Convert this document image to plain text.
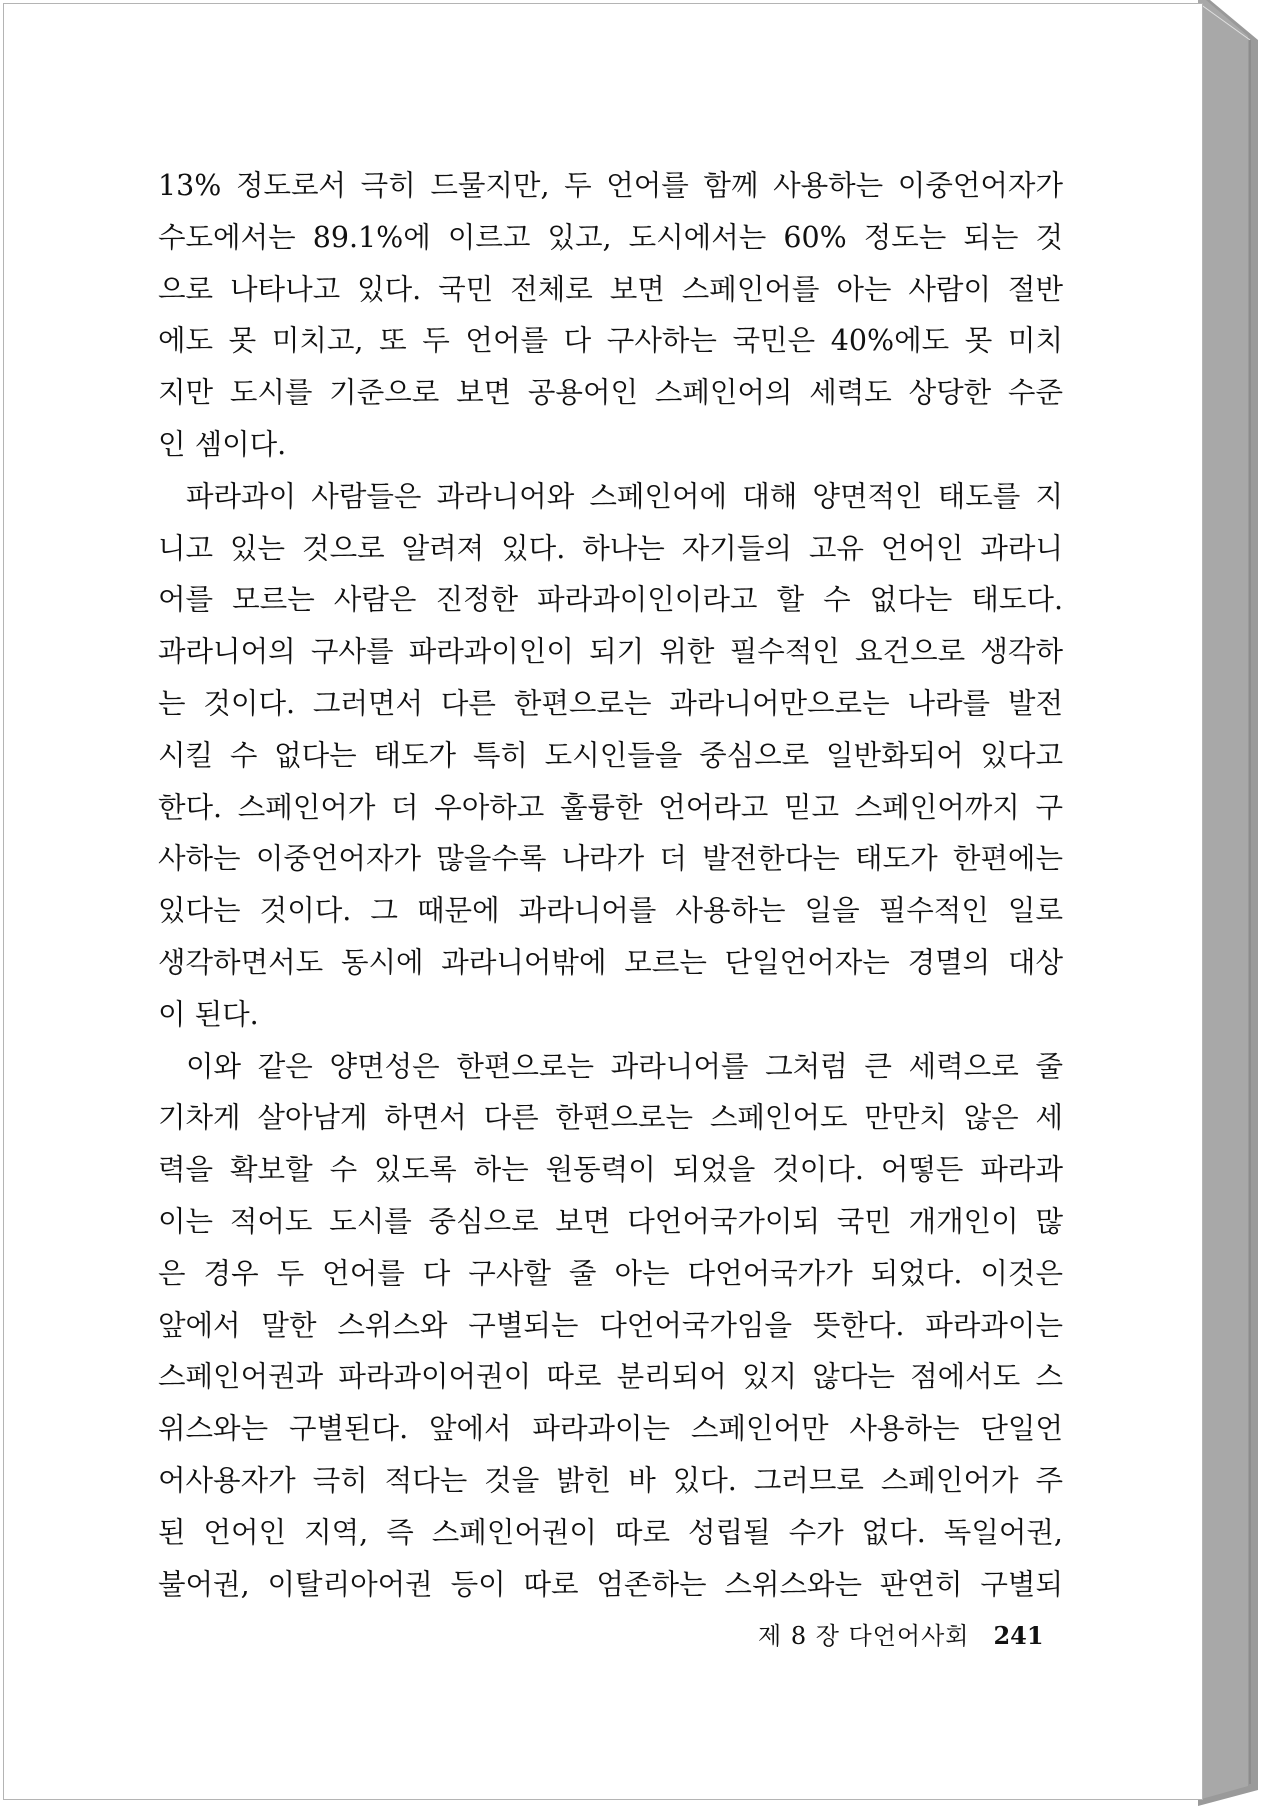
13% 정도로서 극히 드물지만, 두 언어를 함께 사용하는 이중언어자가
수도에서는 89.1%에 이르고 있고, 도시에서는 60% 정도는 되는 것
으로 나타나고 있다. 국민 전체로 보면 스페인어를 아는 사람이 절반
에도 못 미치고, 또 두 언어를 다 구사하는 국민은 40%에도 못 미치
지만 도시를 기준으로 보면 공용어인 스페인어의 세력도 상당한 수준
인 셈이다.
파라과이 사람들은 과라니어와 스페인어에 대해 양면적인 태도를 지
니고 있는 것으로 알려져 있다. 하나는 자기들의 고유 언어인 과라니
어를 모르는 사람은 진정한 파라과이인이라고 할 수 없다는 태도다.
과라니어의 구사를 파라과이인이 되기 위한 필수적인 요건으로 생각하
는 것이다. 그러면서 다른 한편으로는 과라니어만으로는 나라를 발전
시킬 수 없다는 태도가 특히 도시인들을 중심으로 일반화되어 있다고
한다. 스페인어가 더 우아하고 훌륭한 언어라고 믿고 스페인어까지 구
사하는 이중언어자가 많을수록 나라가 더 발전한다는 태도가 한편에는
있다는 것이다. 그 때문에 과라니어를 사용하는 일을 필수적인 일로
생각하면서도 동시에 과라니어밖에 모르는 단일언어자는 경멸의 대상
이 된다.
이와 같은 양면성은 한편으로는 과라니어를 그처럼 큰 세력으로 줄
기차게 살아남게 하면서 다른 한편으로는 스페인어도 만만치 않은 세
력을 확보할 수 있도록 하는 원동력이 되었을 것이다. 어떻든 파라과
이는 적어도 도시를 중심으로 보면 다언어국가이되 국민 개개인이 많
은 경우 두 언어를 다 구사할 줄 아는 다언어국가가 되었다. 이것은
앞에서 말한 스위스와 구별되는 다언어국가임을 뜻한다. 파라과이는
스페인어권과 파라과이어권이 따로 분리되어 있지 않다는 점에서도 스
위스와는 구별된다. 앞에서 파라과이는 스페인어만 사용하는 단일언
어사용자가 극히 적다는 것을 밝힌 바 있다. 그러므로 스페인어가 주
된 언어인 지역, 즉 스페인어권이 따로 성립될 수가 없다. 독일어권,
불어권, 이탈리아어권 등이 따로 엄존하는 스위스와는 판연히 구별되
제 8 장 다언어사회 241
